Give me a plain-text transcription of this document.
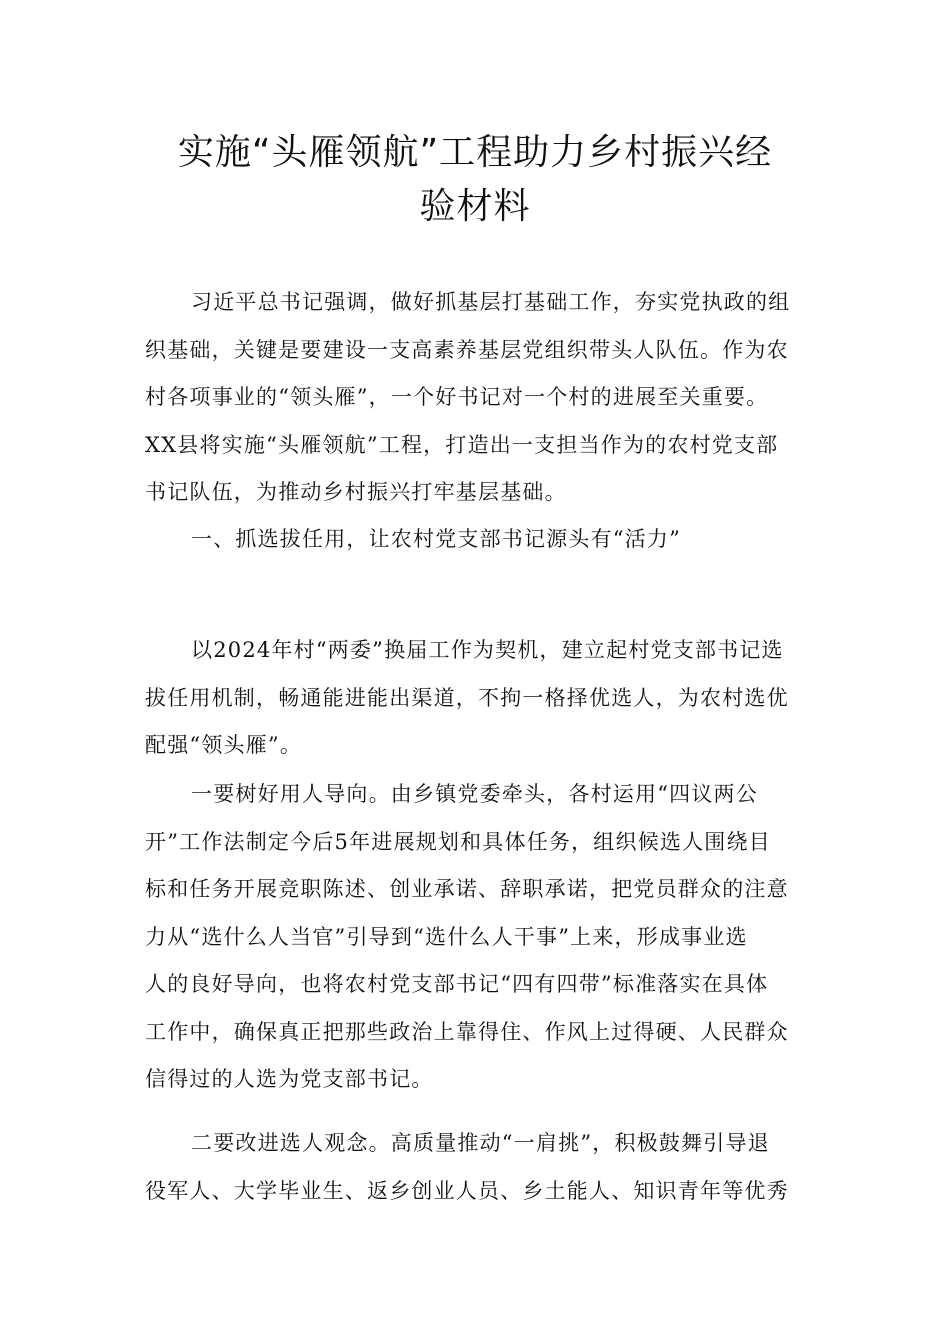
实施“头雁领航”工程助力乡村振兴经
验材料
习近平总书记强调，做好抓基层打基础工作，夯实党执政的组
织基础，关键是要建设一支高素养基层党组织带头人队伍。作为农
村各项事业的“领头雁”，一个好书记对一个村的进展至关重要。
XX县将实施“头雁领航”工程，打造出一支担当作为的农村党支部
书记队伍，为推动乡村振兴打牢基层基础。
一、抓选拔任用，让农村党支部书记源头有“活力”
以2024年村“两委”换届工作为契机，建立起村党支部书记选
拔任用机制，畅通能进能出渠道，不拘一格择优选人，为农村选优
配强“领头雁”。
一要树好用人导向。由乡镇党委牵头，各村运用“四议两公
开”工作法制定今后5年进展规划和具体任务，组织候选人围绕目
标和任务开展竞职陈述、创业承诺、辞职承诺，把党员群众的注意
力从“选什么人当官”引导到“选什么人干事”上来，形成事业选
人的良好导向，也将农村党支部书记“四有四带”标准落实在具体
工作中，确保真正把那些政治上靠得住、作风上过得硬、人民群众
信得过的人选为党支部书记。
二要改进选人观念。高质量推动“一肩挑”，积极鼓舞引导退
役军人、大学毕业生、返乡创业人员、乡土能人、知识青年等优秀
